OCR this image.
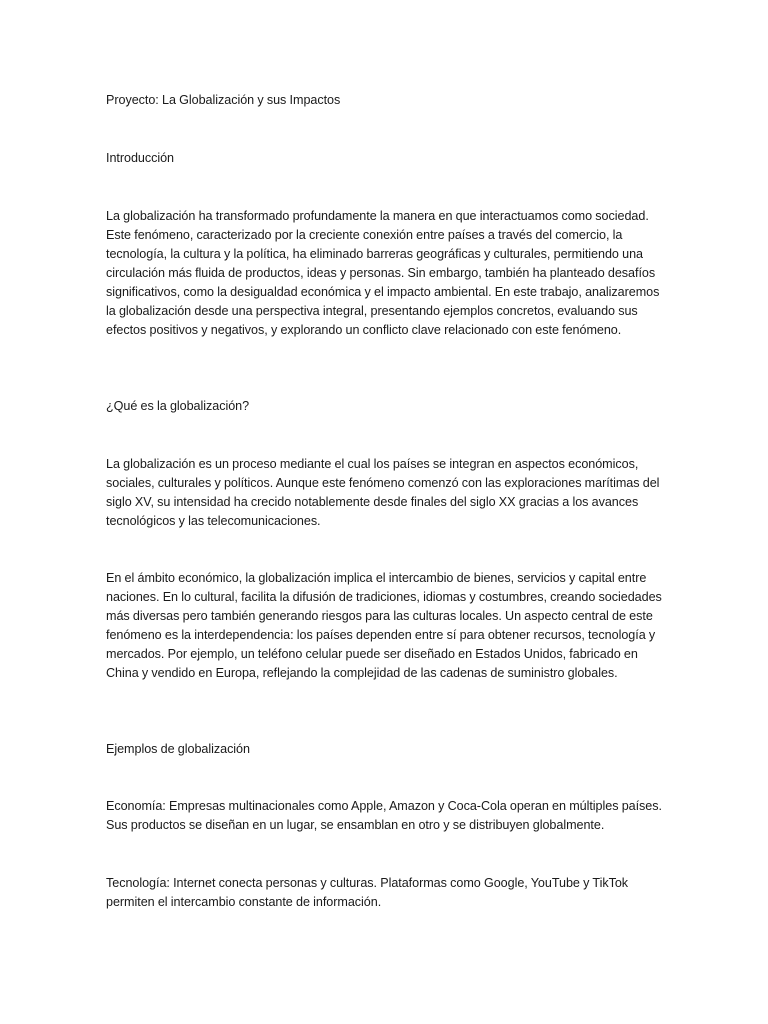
Proyecto: La Globalización y sus Impactos

Introducción

La globalización ha transformado profundamente la manera en que interactuamos como sociedad. Este fenómeno, caracterizado por la creciente conexión entre países a través del comercio, la tecnología, la cultura y la política, ha eliminado barreras geográficas y culturales, permitiendo una circulación más fluida de productos, ideas y personas. Sin embargo, también ha planteado desafíos significativos, como la desigualdad económica y el impacto ambiental. En este trabajo, analizaremos la globalización desde una perspectiva integral, presentando ejemplos concretos, evaluando sus efectos positivos y negativos, y explorando un conflicto clave relacionado con este fenómeno.

¿Qué es la globalización?

La globalización es un proceso mediante el cual los países se integran en aspectos económicos, sociales, culturales y políticos. Aunque este fenómeno comenzó con las exploraciones marítimas del siglo XV, su intensidad ha crecido notablemente desde finales del siglo XX gracias a los avances tecnológicos y las telecomunicaciones.

En el ámbito económico, la globalización implica el intercambio de bienes, servicios y capital entre naciones. En lo cultural, facilita la difusión de tradiciones, idiomas y costumbres, creando sociedades más diversas pero también generando riesgos para las culturas locales. Un aspecto central de este fenómeno es la interdependencia: los países dependen entre sí para obtener recursos, tecnología y mercados. Por ejemplo, un teléfono celular puede ser diseñado en Estados Unidos, fabricado en China y vendido en Europa, reflejando la complejidad de las cadenas de suministro globales.

Ejemplos de globalización

Economía: Empresas multinacionales como Apple, Amazon y Coca-Cola operan en múltiples países. Sus productos se diseñan en un lugar, se ensamblan en otro y se distribuyen globalmente.

Tecnología: Internet conecta personas y culturas. Plataformas como Google, YouTube y TikTok permiten el intercambio constante de información.
